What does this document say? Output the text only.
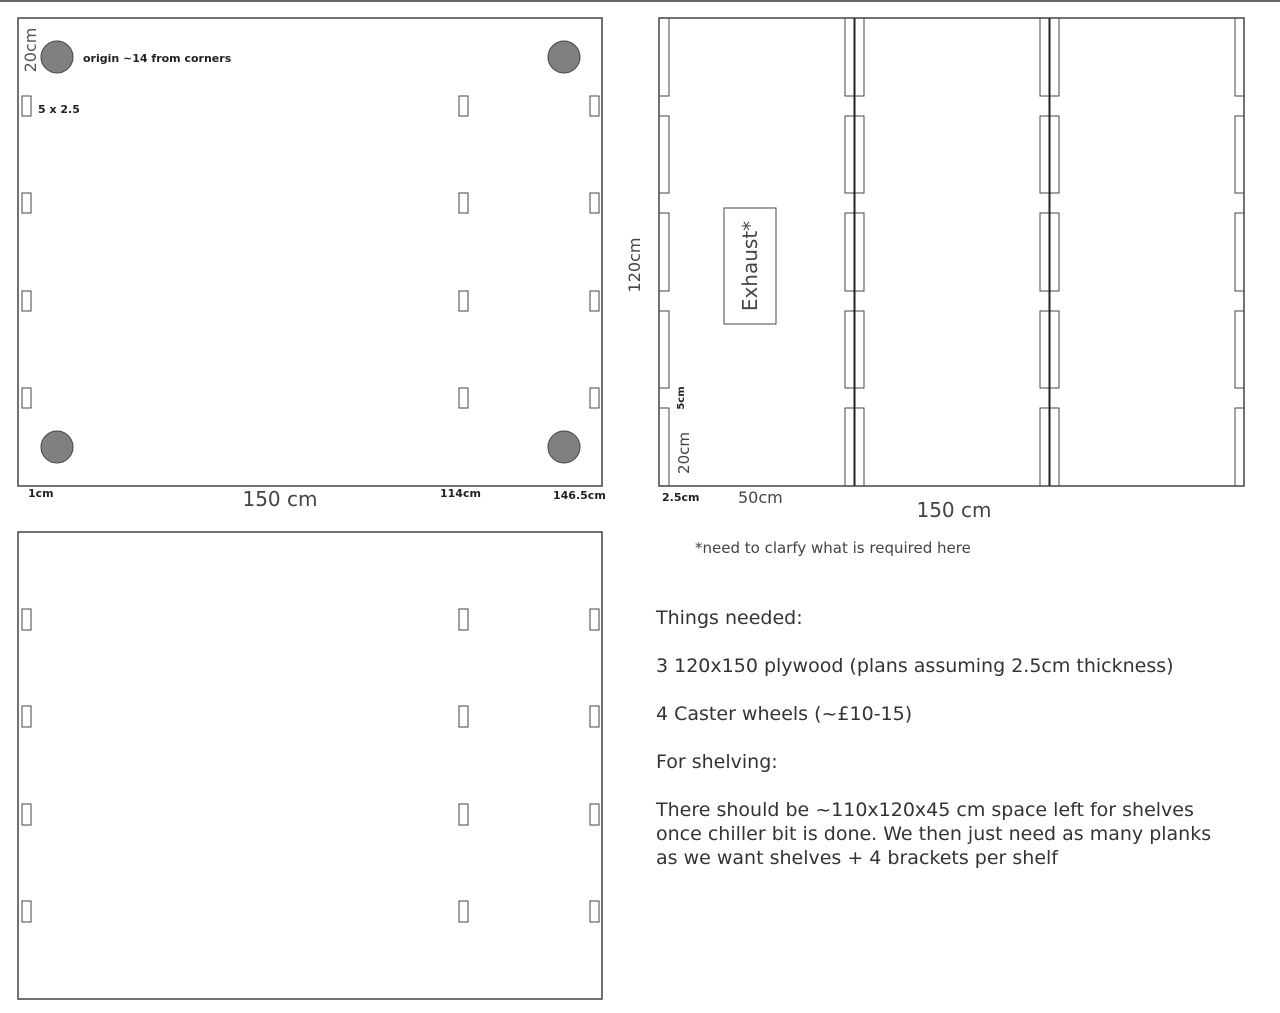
20cm	origin ~14 from corners
5 x 2.5
1cm	150 cm	114cm	146.5cm
Exhaust*
120cm
5cm
20cm
2.5cm 50cm
150 cm
*need to clarfy what is required here

Things needed:

3 120x150 plywood (plans assuming 2.5cm thickness)

4 Caster wheels (~£10-15)

For shelving:

There should be ~110x120x45 cm space left for shelves
once chiller bit is done. We then just need as many planks
as we want shelves + 4 brackets per shelf
